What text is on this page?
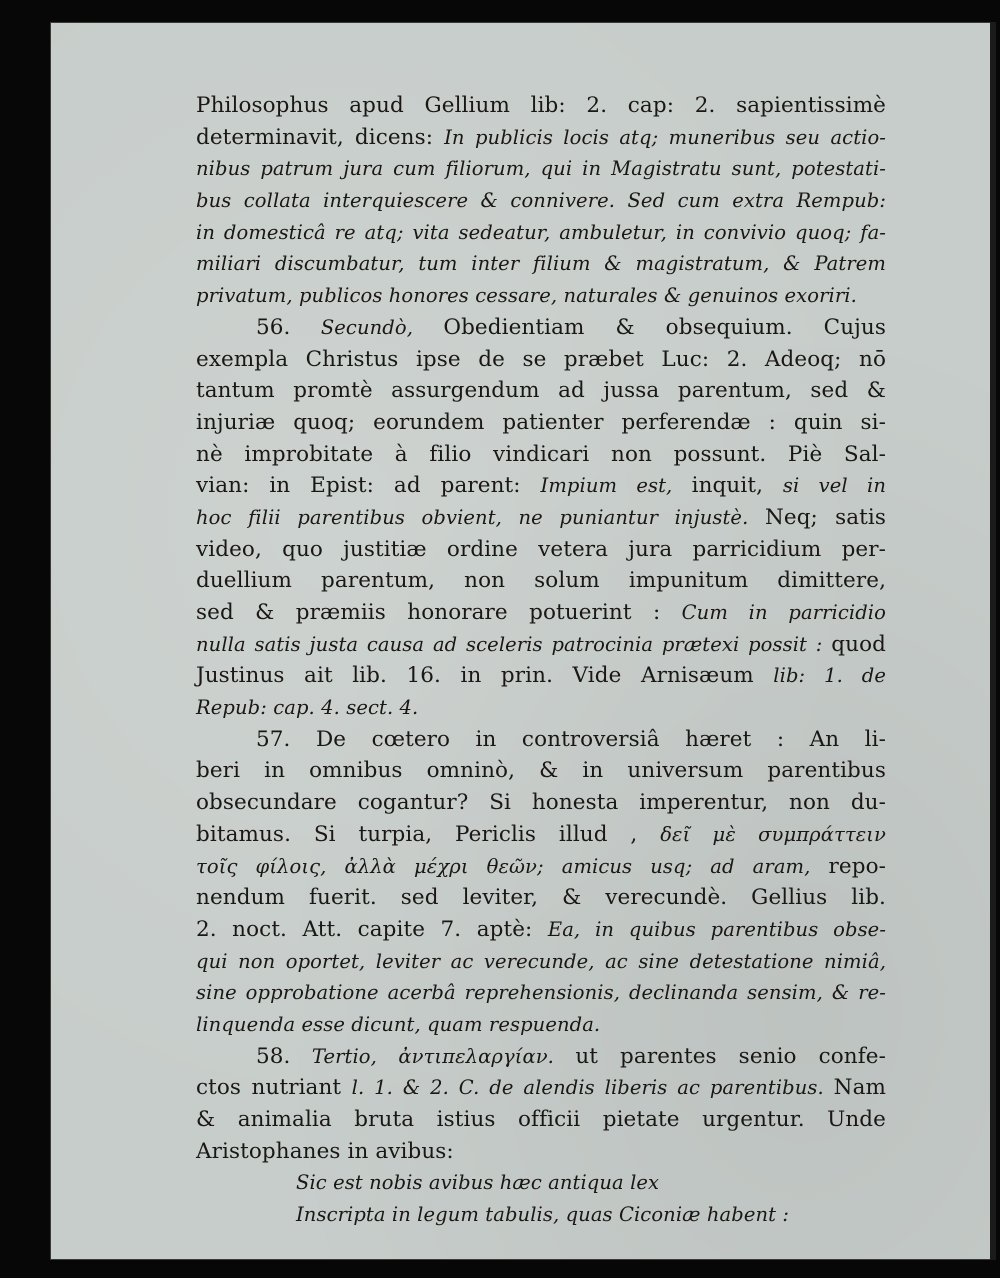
Philosophus apud Gellium lib: 2. cap: 2. sapientissimè
determinavit, dicens: In publicis locis atq; muneribus seu actio-
nibus patrum jura cum filiorum, qui in Magistratu sunt, potestati-
bus collata interquiescere & connivere. Sed cum extra Rempub:
in domesticâ re atq; vita sedeatur, ambuletur, in convivio quoq; fa-
miliari discumbatur, tum inter filium & magistratum, & Patrem
privatum, publicos honores cessare, naturales & genuinos exoriri.
56. Secundò, Obedientiam & obsequium. Cujus
exempla Christus ipse de se præbet Luc: 2. Adeoq; nō
tantum promtè assurgendum ad jussa parentum, sed &
injuriæ quoq; eorundem patienter perferendæ : quin si-
nè improbitate à filio vindicari non possunt. Piè Sal-
vian: in Epist: ad parent: Impium est, inquit, si vel in
hoc filii parentibus obvient, ne puniantur injustè. Neq; satis
video, quo justitiæ ordine vetera jura parricidium per-
duellium parentum, non solum impunitum dimittere,
sed & præmiis honorare potuerint : Cum in parricidio
nulla satis justa causa ad sceleris patrocinia prætexi possit : quod
Justinus ait lib. 16. in prin. Vide Arnisæum lib: 1. de
Repub: cap. 4. sect. 4.
57. De cœtero in controversiâ hæret : An li-
beri in omnibus omninò, & in universum parentibus
obsecundare cogantur? Si honesta imperentur, non du-
bitamus. Si turpia, Periclis illud , δεῖ μὲ συμπράττειν
τοῖς φίλοις, ἀλλὰ μέχρι θεῶν; amicus usq; ad aram, repo-
nendum fuerit. sed leviter, & verecundè. Gellius lib.
2. noct. Att. capite 7. aptè: Ea, in quibus parentibus obse-
qui non oportet, leviter ac verecunde, ac sine detestatione nimiâ,
sine opprobatione acerbâ reprehensionis, declinanda sensim, & re-
linquenda esse dicunt, quam respuenda.
58. Tertio, ἀντιπελαργίαν. ut parentes senio confe-
ctos nutriant l. 1. & 2. C. de alendis liberis ac parentibus. Nam
& animalia bruta istius officii pietate urgentur. Unde
Aristophanes in avibus:
Sic est nobis avibus hæc antiqua lex
Inscripta in legum tabulis, quas Ciconiæ habent :
